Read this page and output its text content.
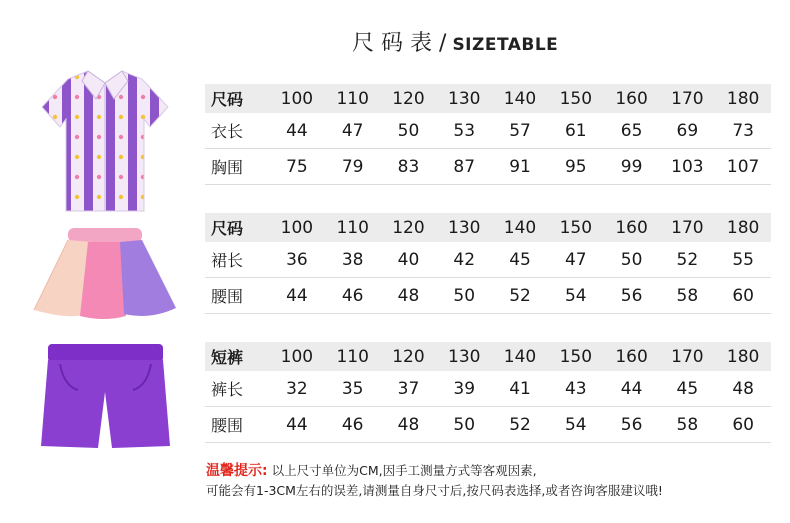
尺码表 / SIZETABLE
尺码	100	110	120	130	140	150	160	170	180
衣长	44	47	50	53	57	61	65	69	73
胸围	75	79	83	87	91	95	99	103	107
尺码	100	110	120	130	140	150	160	170	180
裙长	36	38	40	42	45	47	50	52	55
腰围	44	46	48	50	52	54	56	58	60
短裤	100	110	120	130	140	150	160	170	180
裤长	32	35	37	39	41	43	44	45	48
腰围	44	46	48	50	52	54	56	58	60
温馨提示: 以上尺寸单位为CM,因手工测量方式等客观因素,
可能会有1-3CM左右的误差,请测量自身尺寸后,按尺码表选择,或者咨询客服建议哦!
